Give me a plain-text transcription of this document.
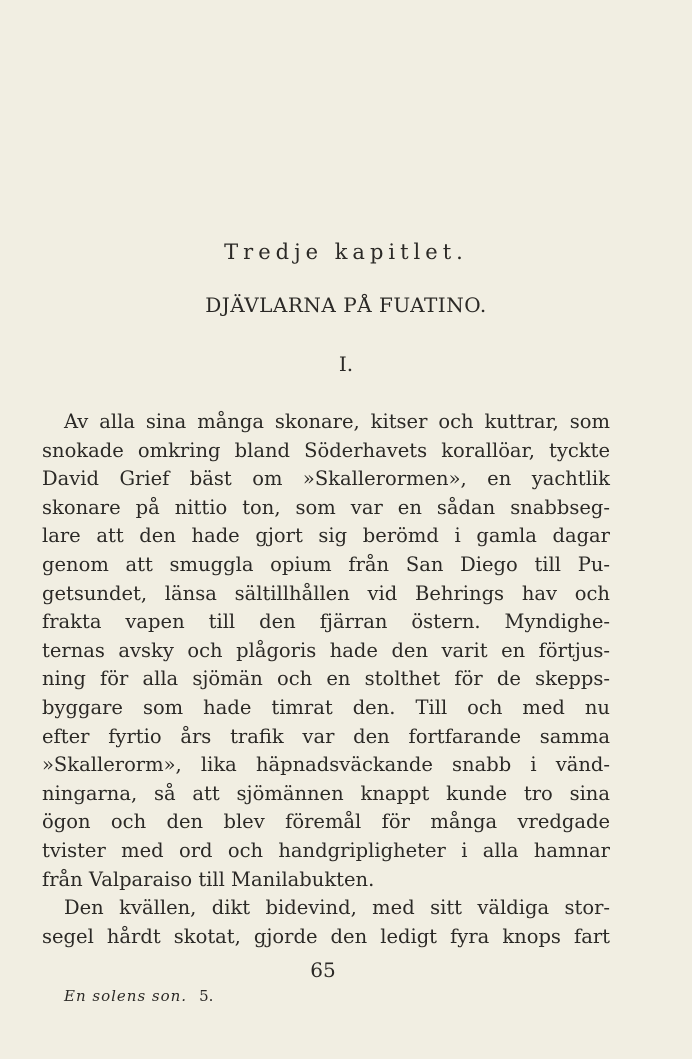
Tredje kapitlet.
DJÄVLARNA PÅ FUATINO.
I.
Av alla sina många skonare, kitser och kuttrar, som
snokade omkring bland Söderhavets korallöar, tyckte
David Grief bäst om »Skallerormen», en yachtlik
skonare på nittio ton, som var en sådan snabbseg-
lare att den hade gjort sig berömd i gamla dagar
genom att smuggla opium från San Diego till Pu-
getsundet, länsa sältillhållen vid Behrings hav och
frakta vapen till den fjärran östern. Myndighe-
ternas avsky och plågoris hade den varit en förtjus-
ning för alla sjömän och en stolthet för de skepps-
byggare som hade timrat den. Till och med nu
efter fyrtio års trafik var den fortfarande samma
»Skallerorm», lika häpnadsväckande snabb i vänd-
ningarna, så att sjömännen knappt kunde tro sina
ögon och den blev föremål för många vredgade
tvister med ord och handgripligheter i alla hamnar
från Valparaiso till Manilabukten.
Den kvällen, dikt bidevind, med sitt väldiga stor-
segel hårdt skotat, gjorde den ledigt fyra knops fart
65
En solens son. 5.
